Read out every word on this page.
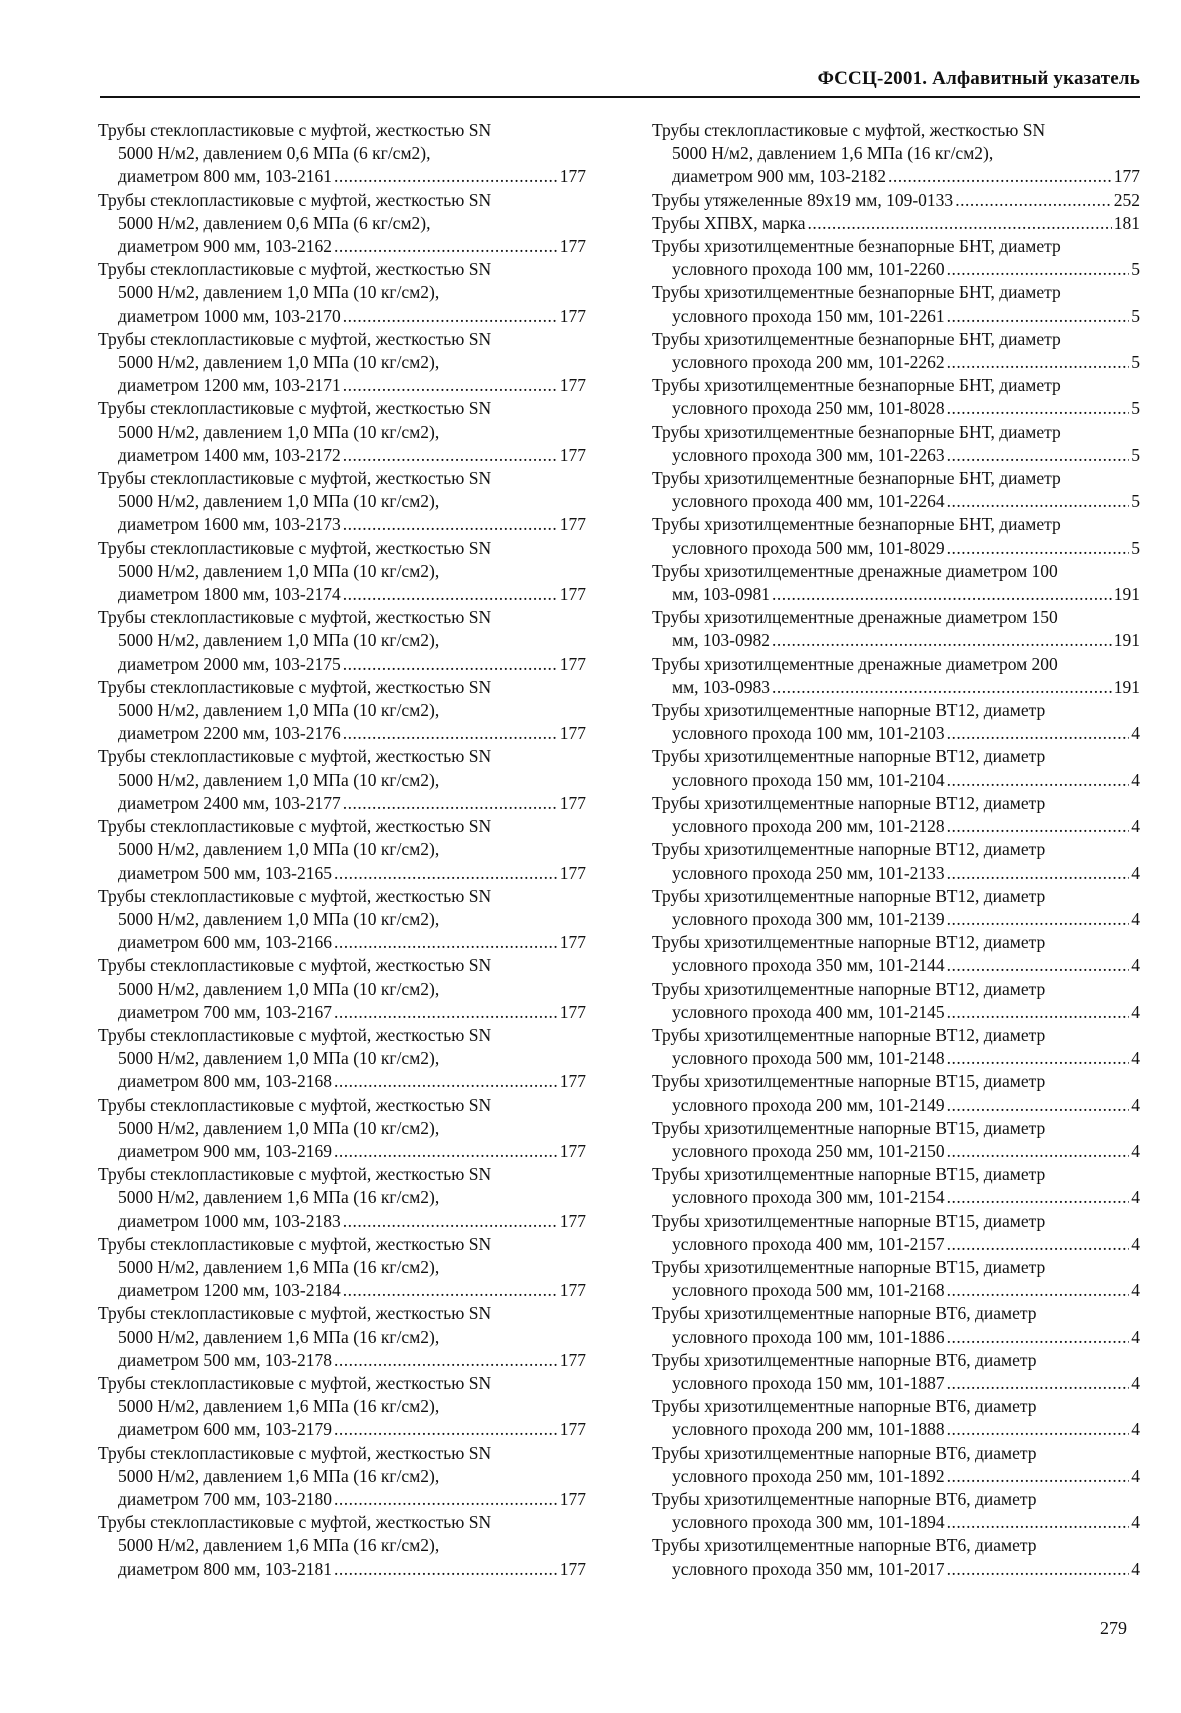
ФССЦ-2001. Алфавитный указатель
Трубы стеклопластиковые с муфтой, жесткостью SN
5000 Н/м2, давлением 0,6 МПа (6 кг/см2),
диаметром 800 мм, 103-2161 .....	177
Трубы стеклопластиковые с муфтой, жесткостью SN
5000 Н/м2, давлением 0,6 МПа (6 кг/см2),
диаметром 900 мм, 103-2162 .....	177
Трубы стеклопластиковые с муфтой, жесткостью SN
5000 Н/м2, давлением 1,0 МПа (10 кг/см2),
диаметром 1000 мм, 103-2170 .....	177
Трубы стеклопластиковые с муфтой, жесткостью SN
5000 Н/м2, давлением 1,0 МПа (10 кг/см2),
диаметром 1200 мм, 103-2171 .....	177
Трубы стеклопластиковые с муфтой, жесткостью SN
5000 Н/м2, давлением 1,0 МПа (10 кг/см2),
диаметром 1400 мм, 103-2172 .....	177
Трубы стеклопластиковые с муфтой, жесткостью SN
5000 Н/м2, давлением 1,0 МПа (10 кг/см2),
диаметром 1600 мм, 103-2173 .....	177
Трубы стеклопластиковые с муфтой, жесткостью SN
5000 Н/м2, давлением 1,0 МПа (10 кг/см2),
диаметром 1800 мм, 103-2174 .....	177
Трубы стеклопластиковые с муфтой, жесткостью SN
5000 Н/м2, давлением 1,0 МПа (10 кг/см2),
диаметром 2000 мм, 103-2175 .....	177
Трубы стеклопластиковые с муфтой, жесткостью SN
5000 Н/м2, давлением 1,0 МПа (10 кг/см2),
диаметром 2200 мм, 103-2176 .....	177
Трубы стеклопластиковые с муфтой, жесткостью SN
5000 Н/м2, давлением 1,0 МПа (10 кг/см2),
диаметром 2400 мм, 103-2177 .....	177
Трубы стеклопластиковые с муфтой, жесткостью SN
5000 Н/м2, давлением 1,0 МПа (10 кг/см2),
диаметром 500 мм, 103-2165 .....	177
Трубы стеклопластиковые с муфтой, жесткостью SN
5000 Н/м2, давлением 1,0 МПа (10 кг/см2),
диаметром 600 мм, 103-2166 .....	177
Трубы стеклопластиковые с муфтой, жесткостью SN
5000 Н/м2, давлением 1,0 МПа (10 кг/см2),
диаметром 700 мм, 103-2167 .....	177
Трубы стеклопластиковые с муфтой, жесткостью SN
5000 Н/м2, давлением 1,0 МПа (10 кг/см2),
диаметром 800 мм, 103-2168 .....	177
Трубы стеклопластиковые с муфтой, жесткостью SN
5000 Н/м2, давлением 1,0 МПа (10 кг/см2),
диаметром 900 мм, 103-2169 .....	177
Трубы стеклопластиковые с муфтой, жесткостью SN
5000 Н/м2, давлением 1,6 МПа (16 кг/см2),
диаметром 1000 мм, 103-2183 .....	177
Трубы стеклопластиковые с муфтой, жесткостью SN
5000 Н/м2, давлением 1,6 МПа (16 кг/см2),
диаметром 1200 мм, 103-2184 .....	177
Трубы стеклопластиковые с муфтой, жесткостью SN
5000 Н/м2, давлением 1,6 МПа (16 кг/см2),
диаметром 500 мм, 103-2178 .....	177
Трубы стеклопластиковые с муфтой, жесткостью SN
5000 Н/м2, давлением 1,6 МПа (16 кг/см2),
диаметром 600 мм, 103-2179 .....	177
Трубы стеклопластиковые с муфтой, жесткостью SN
5000 Н/м2, давлением 1,6 МПа (16 кг/см2),
диаметром 700 мм, 103-2180 .....	177
Трубы стеклопластиковые с муфтой, жесткостью SN
5000 Н/м2, давлением 1,6 МПа (16 кг/см2),
диаметром 800 мм, 103-2181 .....	177
Трубы стеклопластиковые с муфтой, жесткостью SN
5000 Н/м2, давлением 1,6 МПа (16 кг/см2),
диаметром 900 мм, 103-2182 .....	177
Трубы утяжеленные 89x19 мм, 109-0133 .....	252
Трубы ХПВХ, марка .....	181
Трубы хризотилцементные безнапорные БНТ, диаметр
условного прохода 100 мм, 101-2260 .....	5
Трубы хризотилцементные безнапорные БНТ, диаметр
условного прохода 150 мм, 101-2261 .....	5
Трубы хризотилцементные безнапорные БНТ, диаметр
условного прохода 200 мм, 101-2262 .....	5
Трубы хризотилцементные безнапорные БНТ, диаметр
условного прохода 250 мм, 101-8028 .....	5
Трубы хризотилцементные безнапорные БНТ, диаметр
условного прохода 300 мм, 101-2263 .....	5
Трубы хризотилцементные безнапорные БНТ, диаметр
условного прохода 400 мм, 101-2264 .....	5
Трубы хризотилцементные безнапорные БНТ, диаметр
условного прохода 500 мм, 101-8029 .....	5
Трубы хризотилцементные дренажные диаметром 100
мм, 103-0981 .....	191
Трубы хризотилцементные дренажные диаметром 150
мм, 103-0982 .....	191
Трубы хризотилцементные дренажные диаметром 200
мм, 103-0983 .....	191
Трубы хризотилцементные напорные ВТ12, диаметр
условного прохода 100 мм, 101-2103 .....	4
Трубы хризотилцементные напорные ВТ12, диаметр
условного прохода 150 мм, 101-2104 .....	4
Трубы хризотилцементные напорные ВТ12, диаметр
условного прохода 200 мм, 101-2128 .....	4
Трубы хризотилцементные напорные ВТ12, диаметр
условного прохода 250 мм, 101-2133 .....	4
Трубы хризотилцементные напорные ВТ12, диаметр
условного прохода 300 мм, 101-2139 .....	4
Трубы хризотилцементные напорные ВТ12, диаметр
условного прохода 350 мм, 101-2144 .....	4
Трубы хризотилцементные напорные ВТ12, диаметр
условного прохода 400 мм, 101-2145 .....	4
Трубы хризотилцементные напорные ВТ12, диаметр
условного прохода 500 мм, 101-2148 .....	4
Трубы хризотилцементные напорные ВТ15, диаметр
условного прохода 200 мм, 101-2149 .....	4
Трубы хризотилцементные напорные ВТ15, диаметр
условного прохода 250 мм, 101-2150 .....	4
Трубы хризотилцементные напорные ВТ15, диаметр
условного прохода 300 мм, 101-2154 .....	4
Трубы хризотилцементные напорные ВТ15, диаметр
условного прохода 400 мм, 101-2157 .....	4
Трубы хризотилцементные напорные ВТ15, диаметр
условного прохода 500 мм, 101-2168 .....	4
Трубы хризотилцементные напорные ВТ6, диаметр
условного прохода 100 мм, 101-1886 .....	4
Трубы хризотилцементные напорные ВТ6, диаметр
условного прохода 150 мм, 101-1887 .....	4
Трубы хризотилцементные напорные ВТ6, диаметр
условного прохода 200 мм, 101-1888 .....	4
Трубы хризотилцементные напорные ВТ6, диаметр
условного прохода 250 мм, 101-1892 .....	4
Трубы хризотилцементные напорные ВТ6, диаметр
условного прохода 300 мм, 101-1894 .....	4
Трубы хризотилцементные напорные ВТ6, диаметр
условного прохода 350 мм, 101-2017 .....	4
279
